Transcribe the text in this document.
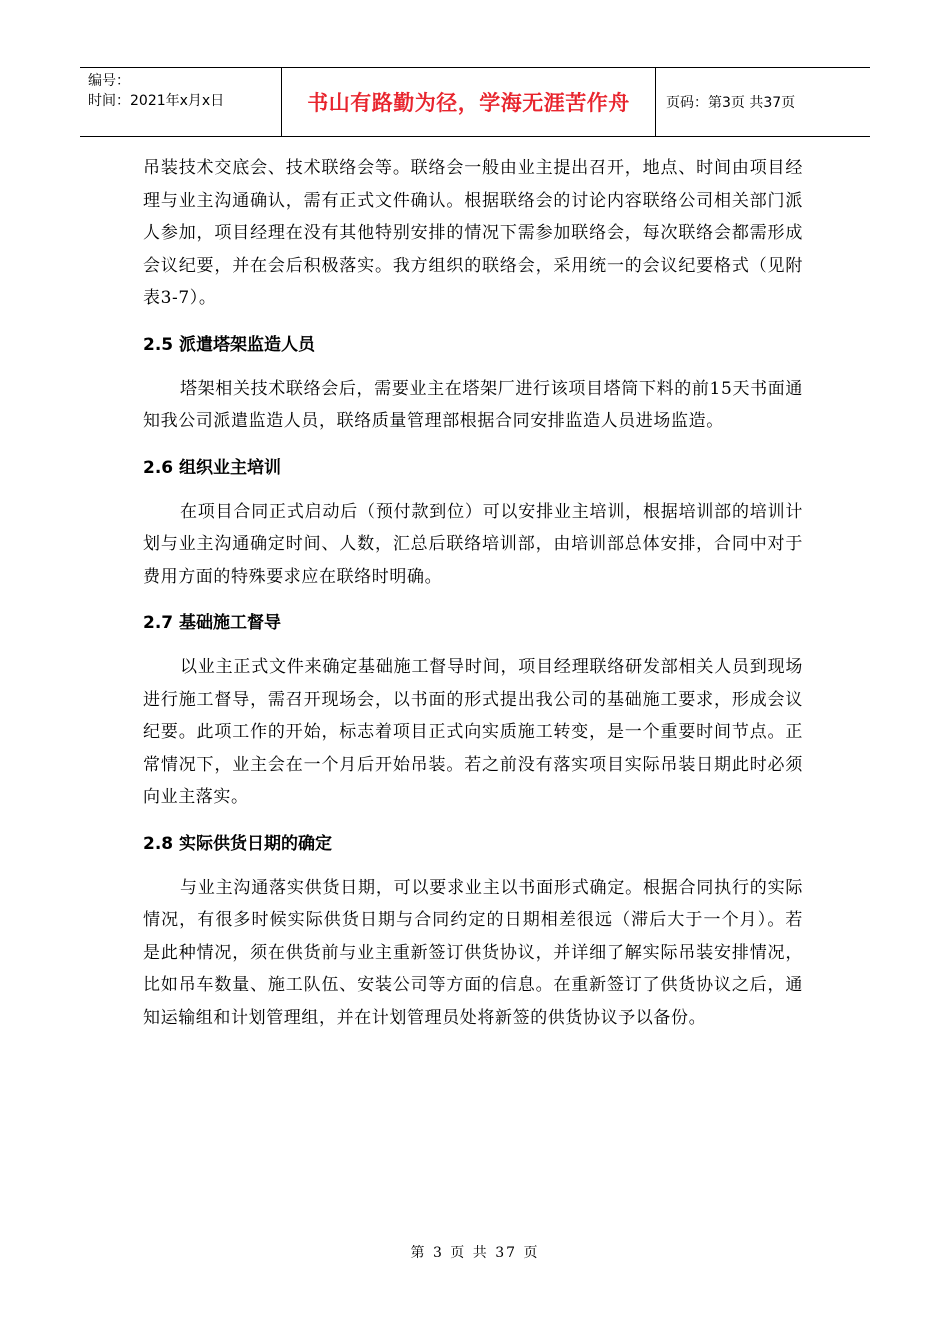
编号：
时间：2021年x月x日	书山有路勤为径，学海无涯苦作舟	页码：第3页 共37页

吊装技术交底会、技术联络会等。联络会一般由业主提出召开，地点、时间由项目经理与业主沟通确认，需有正式文件确认。根据联络会的讨论内容联络公司相关部门派人参加，项目经理在没有其他特别安排的情况下需参加联络会，每次联络会都需形成会议纪要，并在会后积极落实。我方组织的联络会，采用统一的会议纪要格式（见附表3-7）。

2.5 派遣塔架监造人员

塔架相关技术联络会后，需要业主在塔架厂进行该项目塔筒下料的前15天书面通知我公司派遣监造人员，联络质量管理部根据合同安排监造人员进场监造。

2.6 组织业主培训

在项目合同正式启动后（预付款到位）可以安排业主培训，根据培训部的培训计划与业主沟通确定时间、人数，汇总后联络培训部，由培训部总体安排，合同中对于费用方面的特殊要求应在联络时明确。

2.7 基础施工督导

以业主正式文件来确定基础施工督导时间，项目经理联络研发部相关人员到现场进行施工督导，需召开现场会，以书面的形式提出我公司的基础施工要求，形成会议纪要。此项工作的开始，标志着项目正式向实质施工转变，是一个重要时间节点。正常情况下，业主会在一个月后开始吊装。若之前没有落实项目实际吊装日期此时必须向业主落实。

2.8 实际供货日期的确定

与业主沟通落实供货日期，可以要求业主以书面形式确定。根据合同执行的实际情况，有很多时候实际供货日期与合同约定的日期相差很远（滞后大于一个月）。若是此种情况，须在供货前与业主重新签订供货协议，并详细了解实际吊装安排情况，比如吊车数量、施工队伍、安装公司等方面的信息。在重新签订了供货协议之后，通知运输组和计划管理组，并在计划管理员处将新签的供货协议予以备份。

第 3 页 共 37 页
